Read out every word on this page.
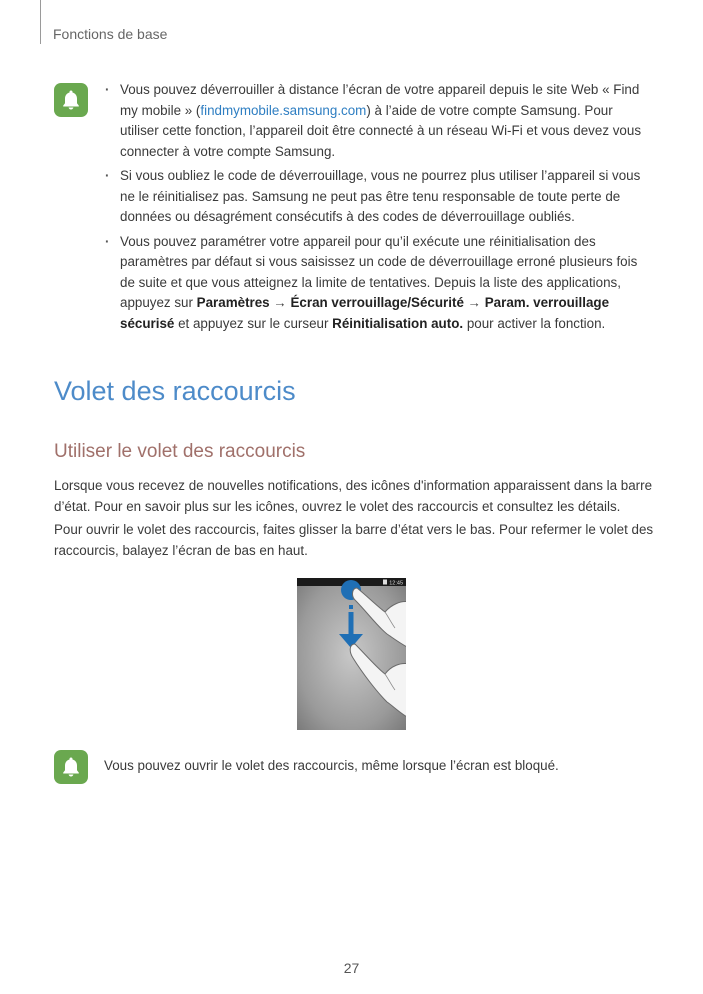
Fonctions de base
· Vous pouvez déverrouiller à distance l’écran de votre appareil depuis le site Web « Find my mobile » (findmymobile.samsung.com) à l’aide de votre compte Samsung. Pour utiliser cette fonction, l’appareil doit être connecté à un réseau Wi-Fi et vous devez vous connecter à votre compte Samsung.
· Si vous oubliez le code de déverrouillage, vous ne pourrez plus utiliser l’appareil si vous ne le réinitialisez pas. Samsung ne peut pas être tenu responsable de toute perte de données ou désagrément consécutifs à des codes de déverrouillage oubliés.
· Vous pouvez paramétrer votre appareil pour qu’il exécute une réinitialisation des paramètres par défaut si vous saisissez un code de déverrouillage erroné plusieurs fois de suite et que vous atteignez la limite de tentatives. Depuis la liste des applications, appuyez sur Paramètres → Écran verrouillage/Sécurité → Param. verrouillage sécurisé et appuyez sur le curseur Réinitialisation auto. pour activer la fonction.
Volet des raccourcis
Utiliser le volet des raccourcis

Lorsque vous recevez de nouvelles notifications, des icônes d'information apparaissent dans la barre d’état. Pour en savoir plus sur les icônes, ouvrez le volet des raccourcis et consultez les détails.

Pour ouvrir le volet des raccourcis, faites glisser la barre d’état vers le bas. Pour refermer le volet des raccourcis, balayez l’écran de bas en haut.

12:45

Vous pouvez ouvrir le volet des raccourcis, même lorsque l’écran est bloqué.

27
